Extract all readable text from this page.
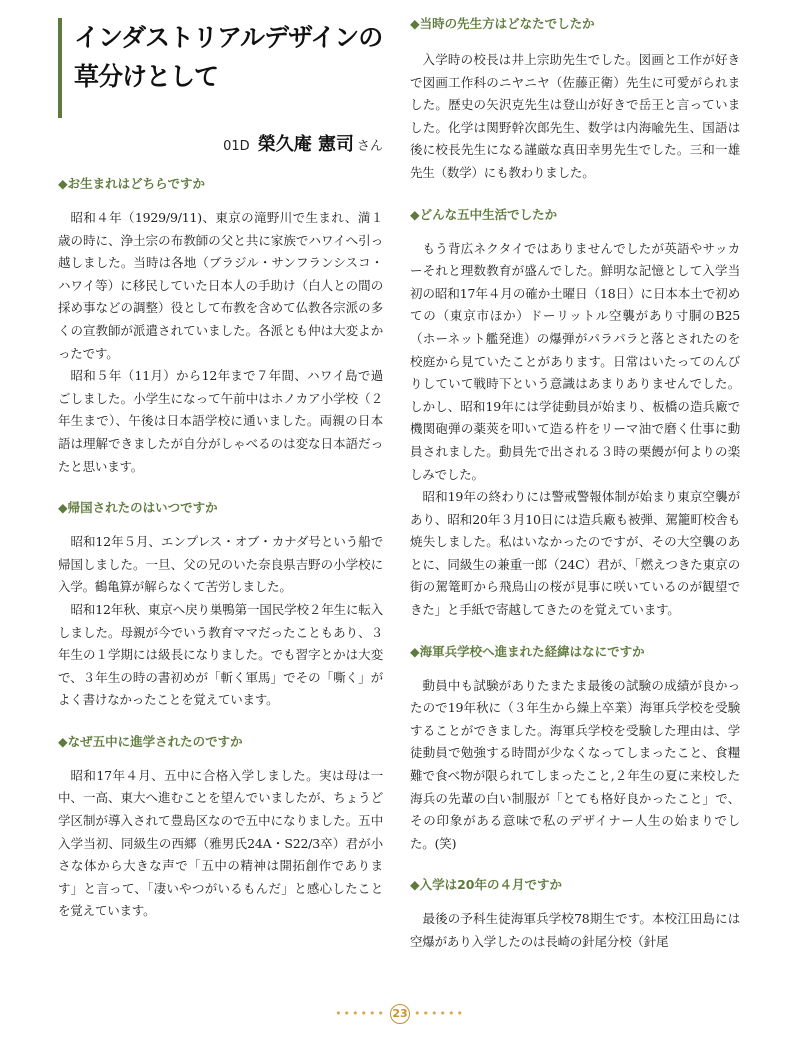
インダストリアルデザインの
草分けとして
01D 榮久庵 憲司 さん
◆お生まれはどちらですか

昭和４年（1929/9/11)、東京の滝野川で生まれ、満１歳の時に、浄土宗の布教師の父と共に家族でハワイへ引っ越しました。当時は各地（ブラジル・サンフランシスコ・ハワイ等）に移民していた日本人の手助け（白人との間の採め事などの調整）役として布教を含めて仏教各宗派の多くの宣教師が派遣されていました。各派とも仲は大変よかったです。

昭和５年（11月）から12年まで７年間、ハワイ島で過ごしました。小学生になって午前中はホノカア小学校（２年生まで）、午後は日本語学校に通いました。両親の日本語は理解できましたが自分がしゃべるのは変な日本語だったと思います。

◆帰国されたのはいつですか

昭和12年５月、エンプレス・オブ・カナダ号という船で帰国しました。一旦、父の兄のいた奈良県吉野の小学校に入学。鶴亀算が解らなくて苦労しました。

昭和12年秋、東京へ戻り巣鴨第一国民学校２年生に転入しました。母親が今でいう教育ママだったこともあり、３年生の１学期には級長になりました。でも習字とかは大変で、３年生の時の書初めが「斬く軍馬」でその「嘶く」がよく書けなかったことを覚えています。

◆なぜ五中に進学されたのですか

昭和17年４月、五中に合格入学しました。実は母は一中、一高、東大へ進むことを望んでいましたが、ちょうど学区制が導入されて豊島区なので五中になりました。五中入学当初、同級生の西郷（雅男氏24A・S22/3卒）君が小さな体から大きな声で「五中の精神は開拓創作であります」と言って、「凄いやつがいるもんだ」と感心したことを覚えています。

◆当時の先生方はどなたでしたか

入学時の校長は井上宗助先生でした。図画と工作が好きで図画工作科のニヤニヤ（佐藤正衛）先生に可愛がられました。歴史の矢沢克先生は登山が好きで岳王と言っていました。化学は関野幹次郎先生、数学は内海喩先生、国語は後に校長先生になる謹厳な真田幸男先生でした。三和一雄先生（数学）にも教わりました。

◆どんな五中生活でしたか

もう背広ネクタイではありませんでしたが英語やサッカーそれと理数教育が盛んでした。鮮明な記憶として入学当初の昭和17年４月の確か土曜日（18日）に日本本土で初めての（東京市ほか）ドーリットル空襲があり寸胴のB25（ホーネット艦発進）の爆弾がパラパラと落とされたのを校庭から見ていたことがあります。日常はいたってのんびりしていて戦時下という意識はあまりありませんでした。しかし、昭和19年には学徒動員が始まり、板橋の造兵廠で機関砲弾の薬莢を叩いて造る杵をリーマ油で磨く仕事に動員されました。動員先で出される３時の栗饅が何よりの楽しみでした。

昭和19年の終わりには警戒警報体制が始まり東京空襲があり、昭和20年３月10日には造兵廠も被弾、駕籠町校舎も焼失しました。私はいなかったのですが、その大空襲のあとに、同級生の兼重一郎（24C）君が、「燃えつきた東京の街の駕篭町から飛鳥山の桜が見事に咲いているのが観望できた」と手紙で寄越してきたのを覚えています。

◆海軍兵学校へ進まれた経緯はなにですか

動員中も試験がありたまたま最後の試験の成績が良かったので19年秋に（３年生から繰上卒業）海軍兵学校を受験することができました。海軍兵学校を受験した理由は、学徒動員で勉強する時間が少なくなってしまったこと、食糧難で食べ物が限られてしまったこと,２年生の夏に来校した海兵の先輩の白い制服が「とても格好良かったこと」で、その印象がある意味で私のデザイナー人生の始まりでした。(笑)

◆入学は20年の４月ですか

最後の予科生徒海軍兵学校78期生です。本校江田島には空爆があり入学したのは長崎の針尾分校（針尾

•••••• 23 ••••••
